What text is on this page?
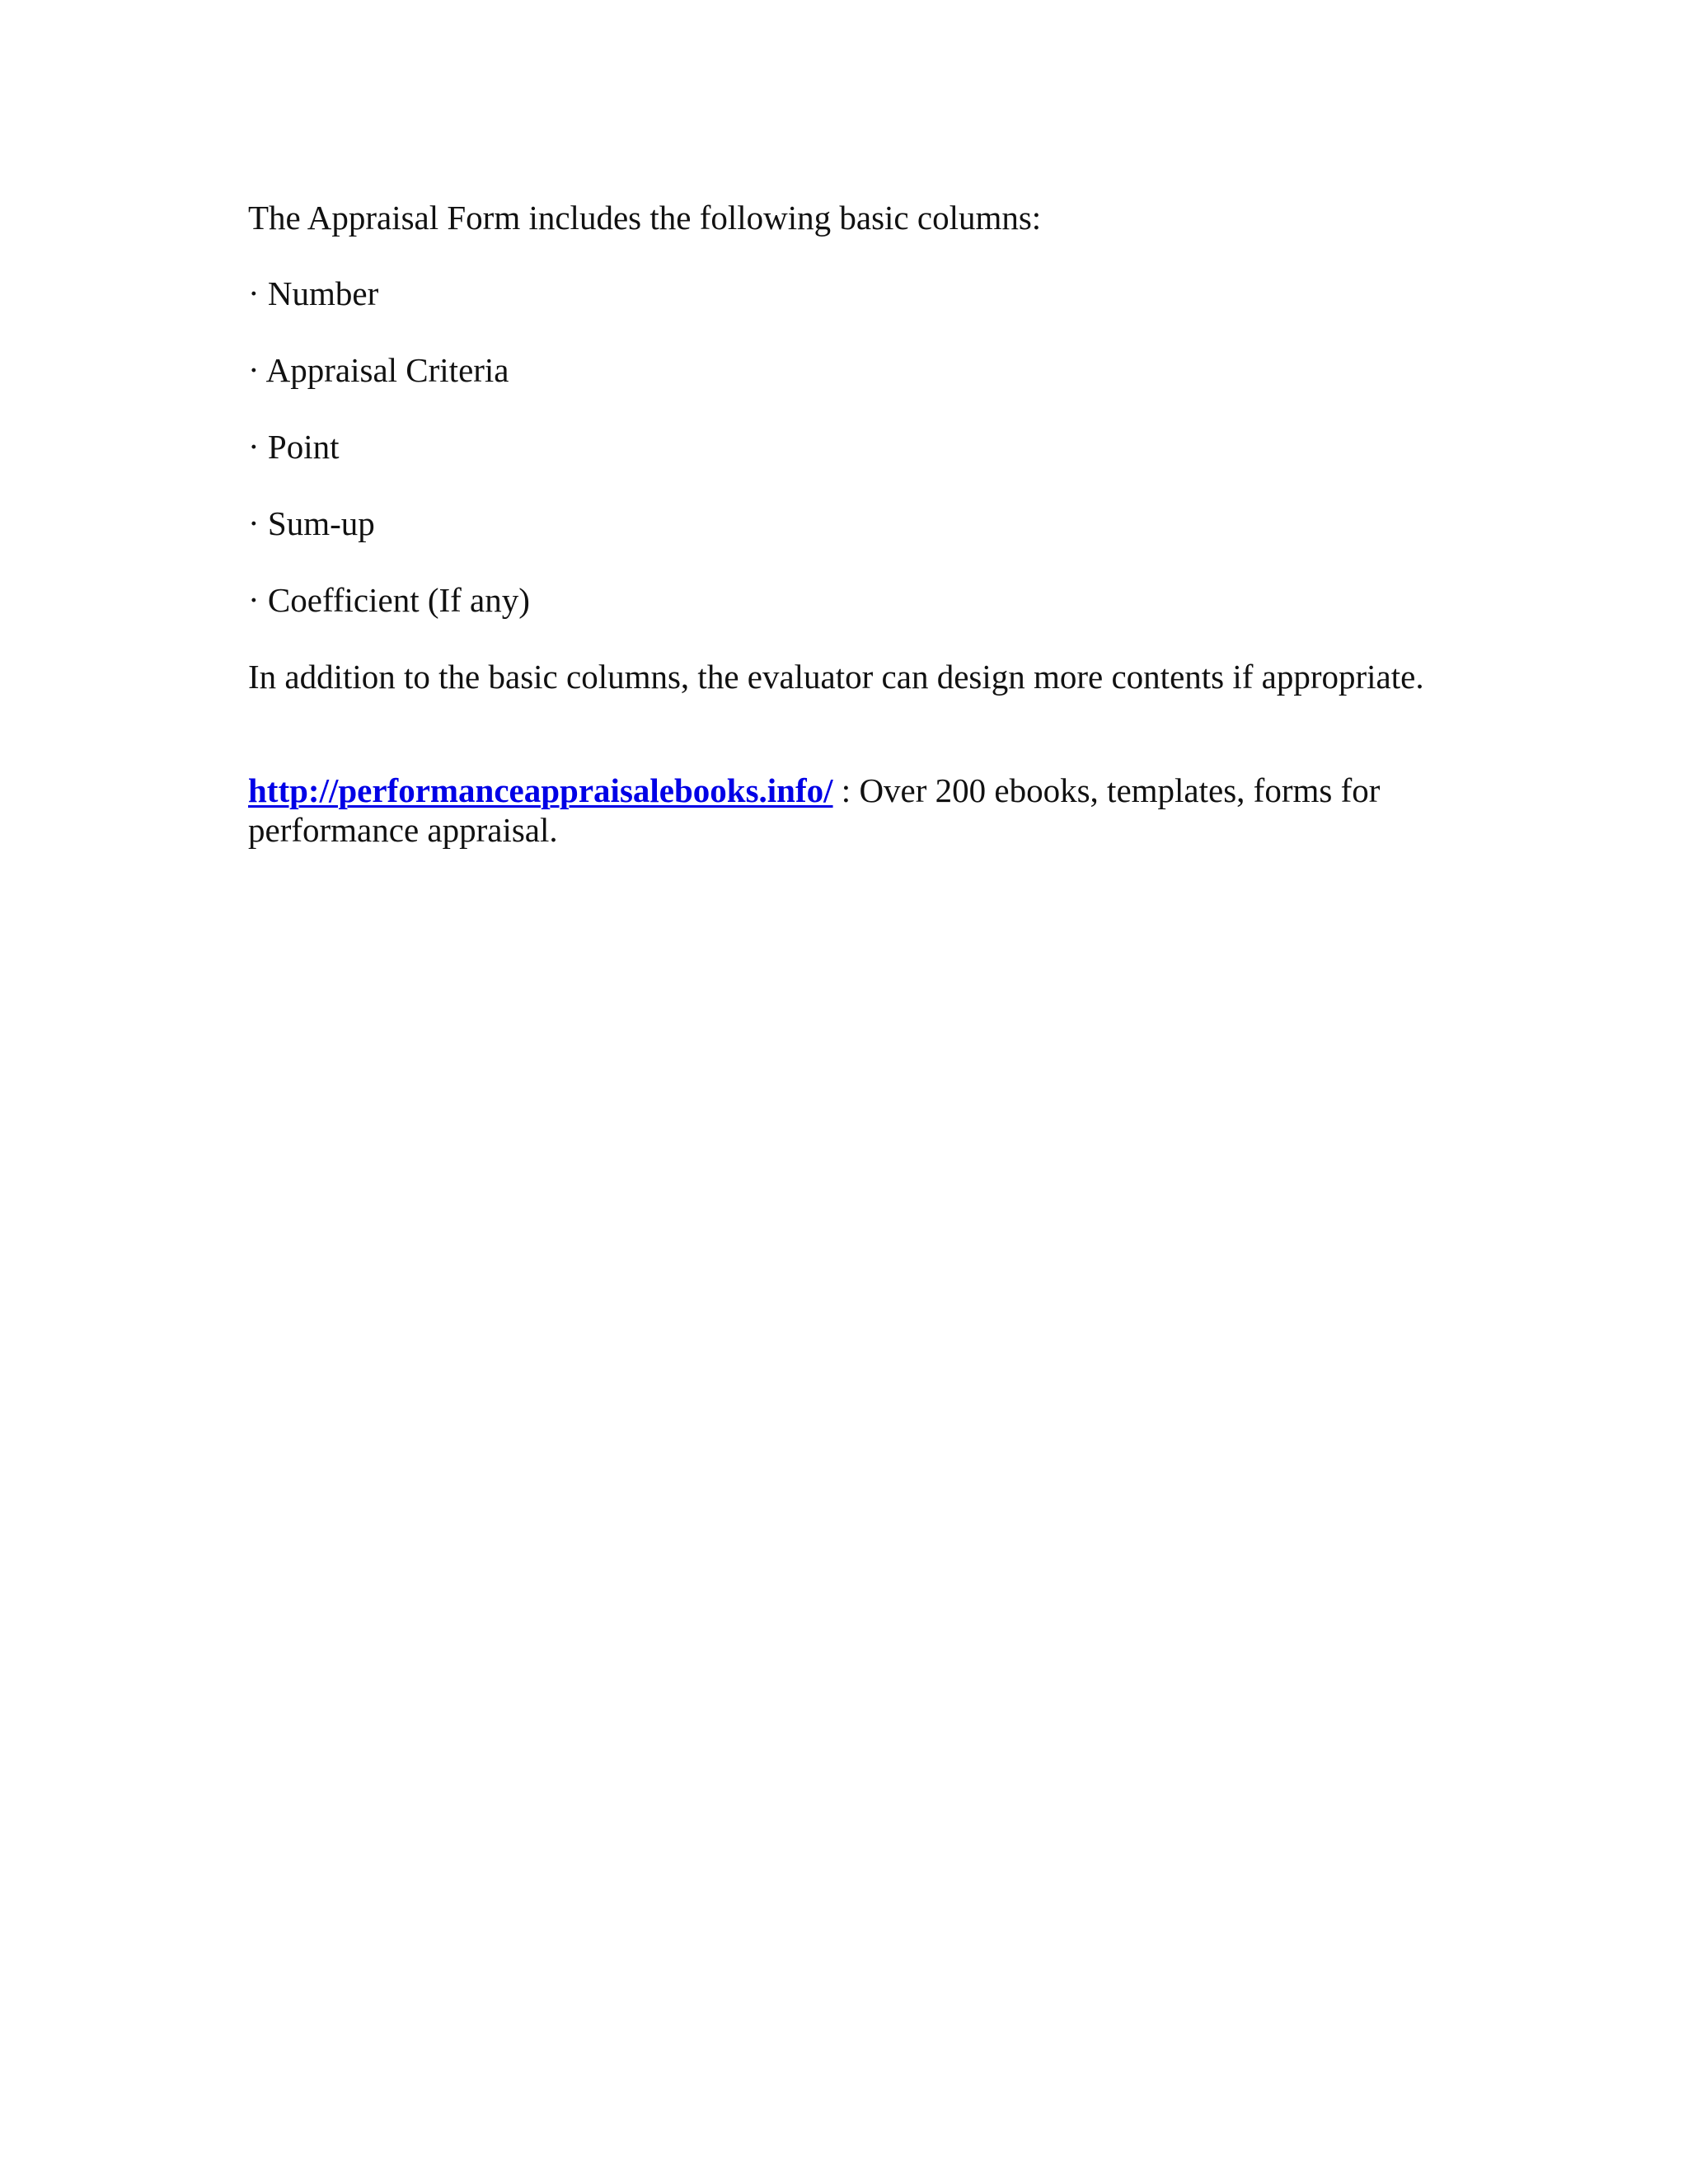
The Appraisal Form includes the following basic columns:

· Number

· Appraisal Criteria

· Point

· Sum-up

· Coefficient (If any)

In addition to the basic columns, the evaluator can design more contents if appropriate.

http://performanceappraisalebooks.info/ : Over 200 ebooks, templates, forms for performance appraisal.
